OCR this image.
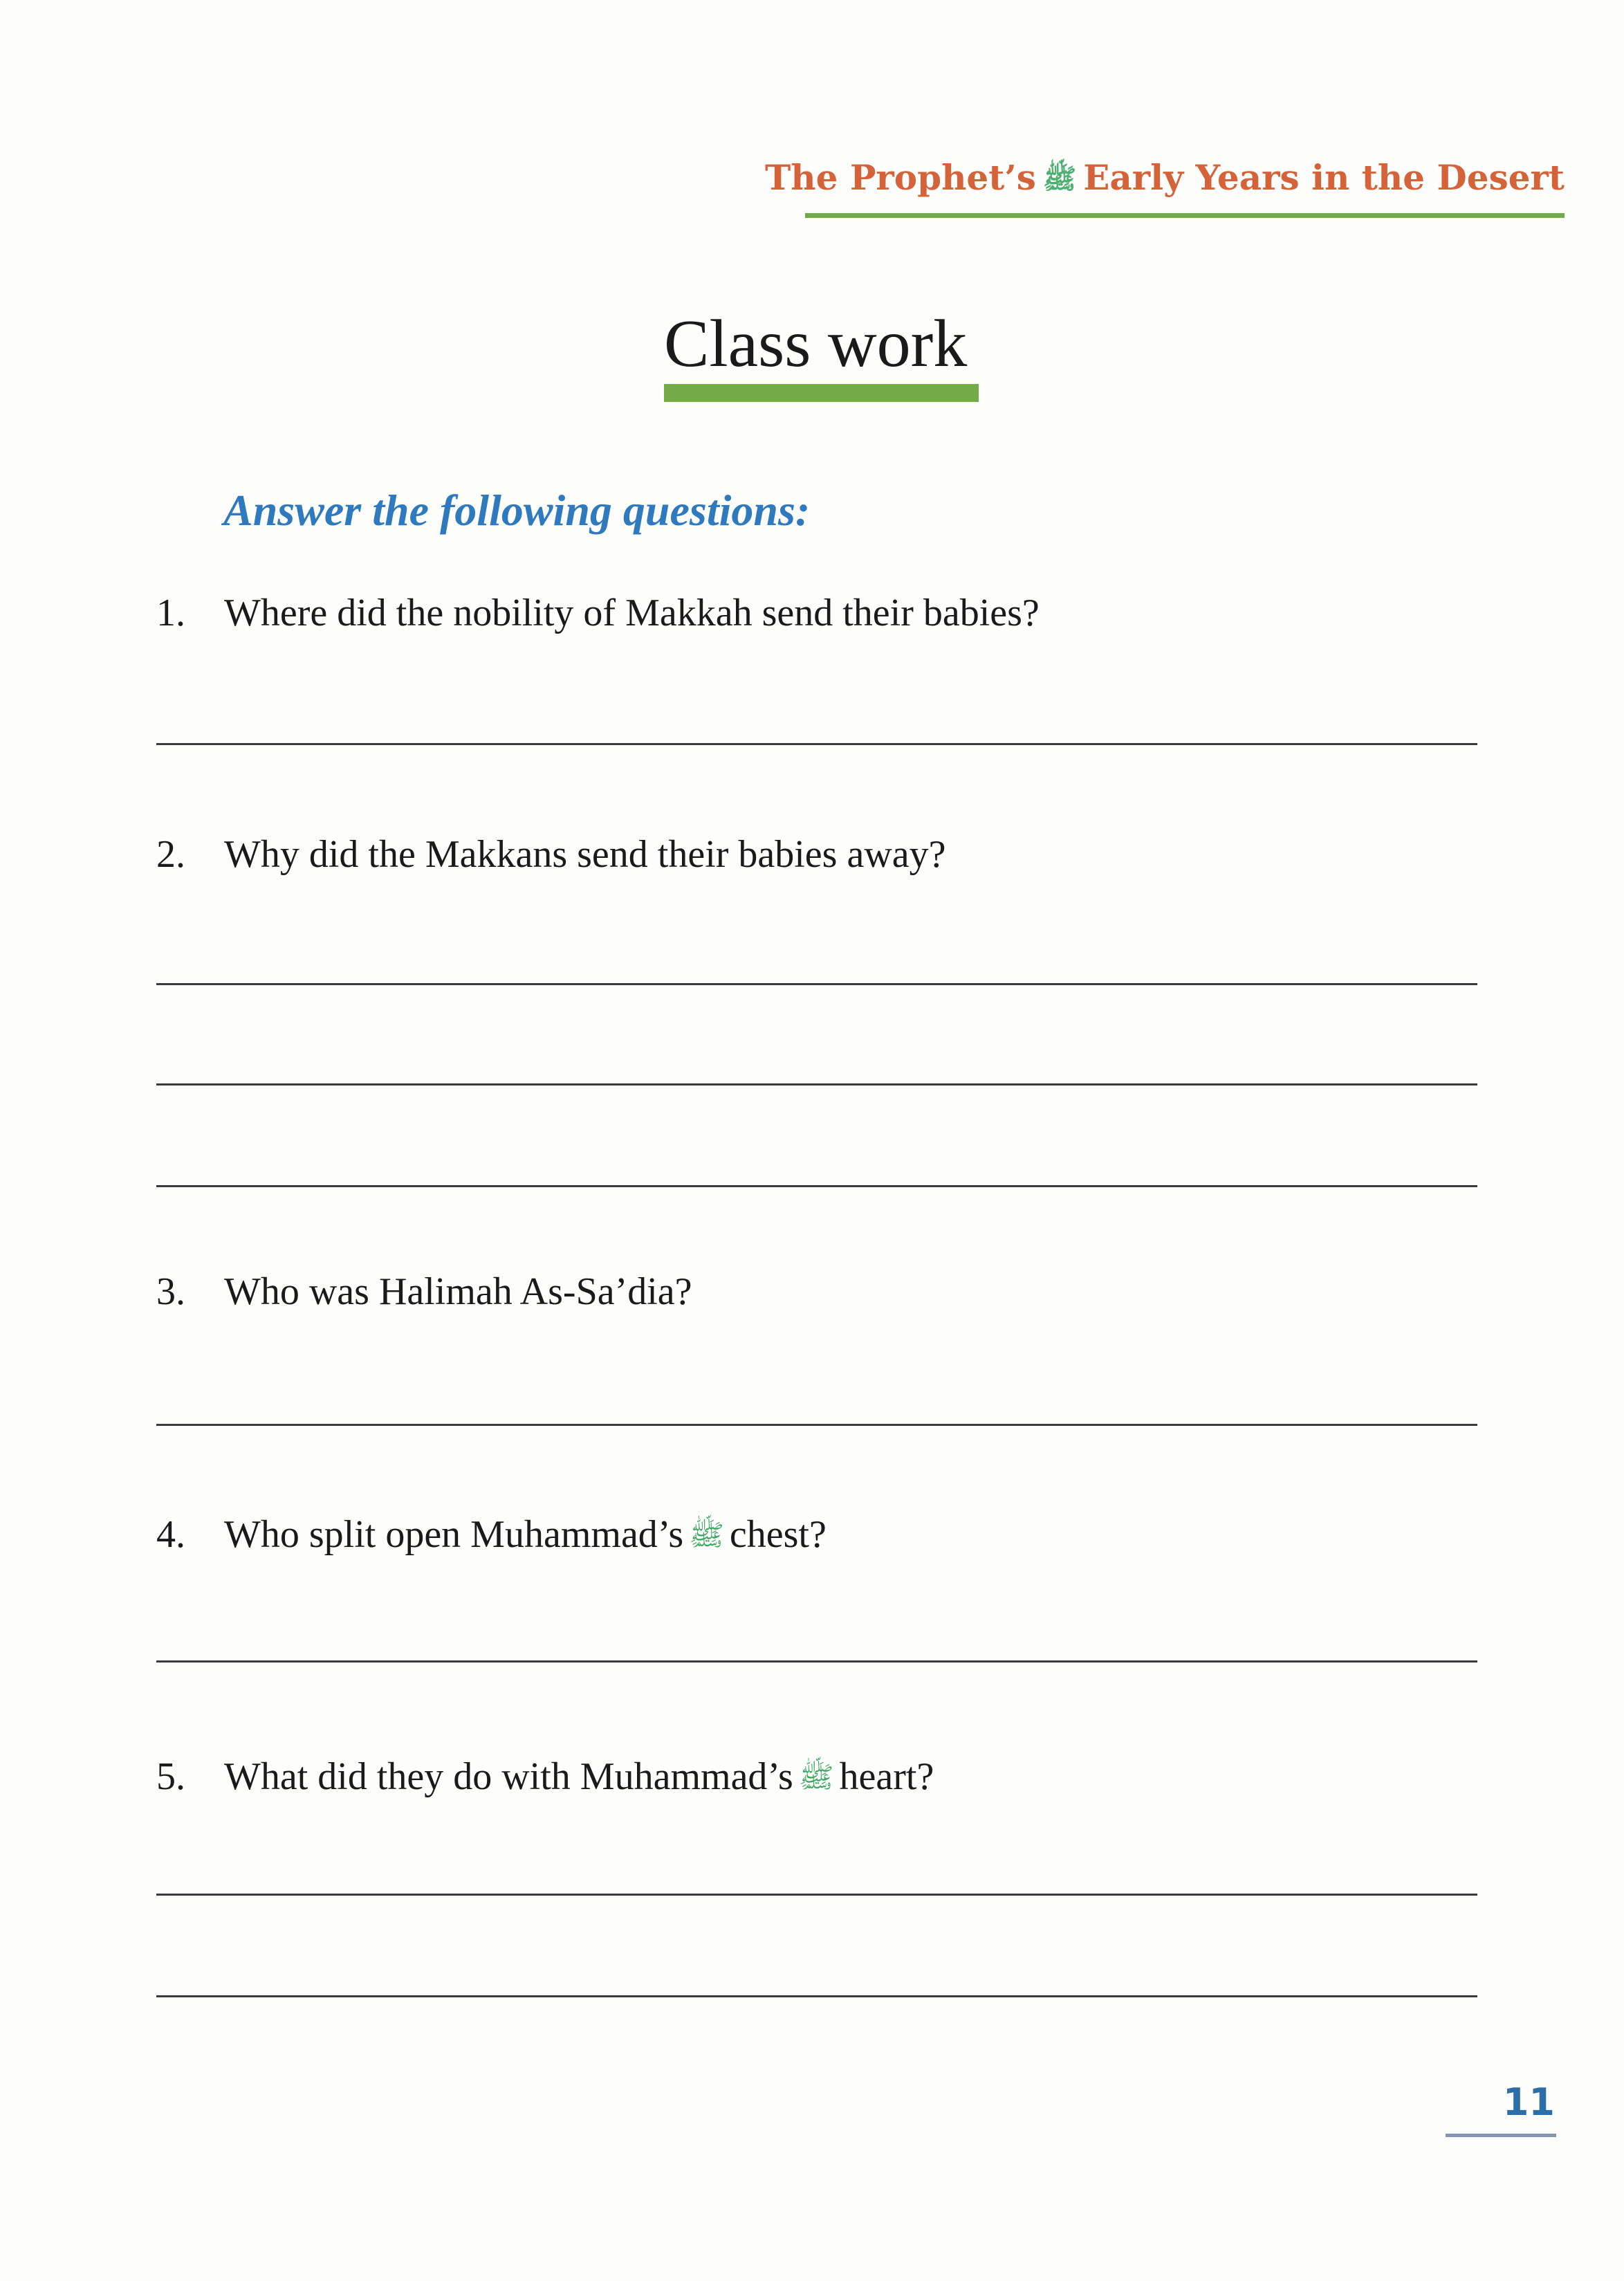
The Prophet’s ﷺ Early Years in the Desert
Class work
Answer the following questions:
1. Where did the nobility of Makkah send their babies?
2. Why did the Makkans send their babies away?
3. Who was Halimah As-Sa’dia?
4. Who split open Muhammad’s ﷺ chest?
5. What did they do with Muhammad’s ﷺ heart?
11
